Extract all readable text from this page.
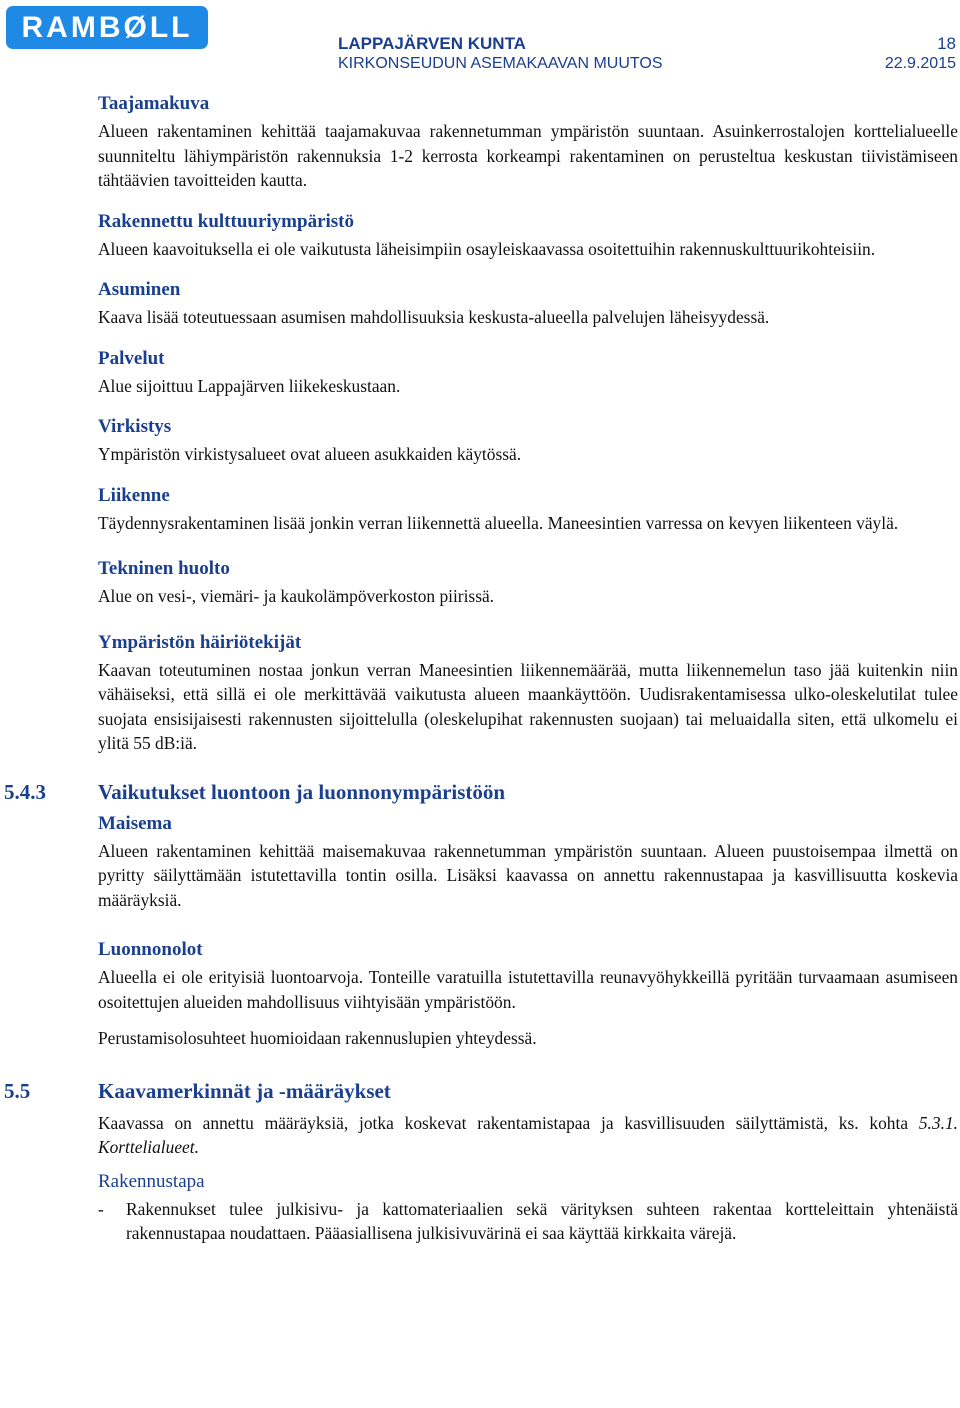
RAMBØLL	LAPPAJÄRVEN KUNTA
KIRKONSEUDUN ASEMAKAAVAN MUUTOS
18
22.9.2015
Taajamakuva

Alueen rakentaminen kehittää taajamakuvaa rakennetumman ympäristön suuntaan. Asuinkerrostalojen korttelialueelle suunniteltu lähiympäristön rakennuksia 1-2 kerrosta korkeampi rakentaminen on perusteltua keskustan tiivistämiseen tähtäävien tavoitteiden kautta.

Rakennettu kulttuuriympäristö

Alueen kaavoituksella ei ole vaikutusta läheisimpiin osayleiskaavassa osoitettuihin rakennuskulttuurikohteisiin.

Asuminen

Kaava lisää toteutuessaan asumisen mahdollisuuksia keskusta-alueella palvelujen läheisyydessä.

Palvelut

Alue sijoittuu Lappajärven liikekeskustaan.

Virkistys

Ympäristön virkistysalueet ovat alueen asukkaiden käytössä.

Liikenne

Täydennysrakentaminen lisää jonkin verran liikennettä alueella. Maneesintien varressa on kevyen liikenteen väylä.

Tekninen huolto

Alue on vesi-, viemäri- ja kaukolämpöverkoston piirissä.

Ympäristön häiriötekijät

Kaavan toteutuminen nostaa jonkun verran Maneesintien liikennemäärää, mutta liikennemelun taso jää kuitenkin niin vähäiseksi, että sillä ei ole merkittävää vaikutusta alueen maankäyttöön. Uudisrakentamisessa ulko-oleskelutilat tulee suojata ensisijaisesti rakennusten sijoittelulla (oleskelupihat rakennusten suojaan) tai meluaidalla siten, että ulkomelu ei ylitä 55 dB:iä.

5.4.3 Vaikutukset luontoon ja luonnonympäristöön
Maisema

Alueen rakentaminen kehittää maisemakuvaa rakennetumman ympäristön suuntaan. Alueen puustoisempaa ilmettä on pyritty säilyttämään istutettavilla tontin osilla. Lisäksi kaavassa on annettu rakennustapaa ja kasvillisuutta koskevia määräyksiä.

Luonnonolot

Alueella ei ole erityisiä luontoarvoja. Tonteille varatuilla istutettavilla reunavyöhykkeillä pyritään turvaamaan asumiseen osoitettujen alueiden mahdollisuus viihtyisään ympäristöön.

Perustamisolosuhteet huomioidaan rakennuslupien yhteydessä.

5.5	Kaavamerkinnät ja -määräykset

Kaavassa on annettu määräyksiä, jotka koskevat rakentamistapaa ja kasvillisuuden säilyttämistä, ks. kohta 5.3.1. Korttelialueet.

Rakennustapa
- Rakennukset tulee julkisivu- ja kattomateriaalien sekä värityksen suhteen rakentaa kortteleittain yhtenäistä rakennustapaa noudattaen. Pääasiallisena julkisivuvärinä ei saa käyttää kirkkaita värejä.
